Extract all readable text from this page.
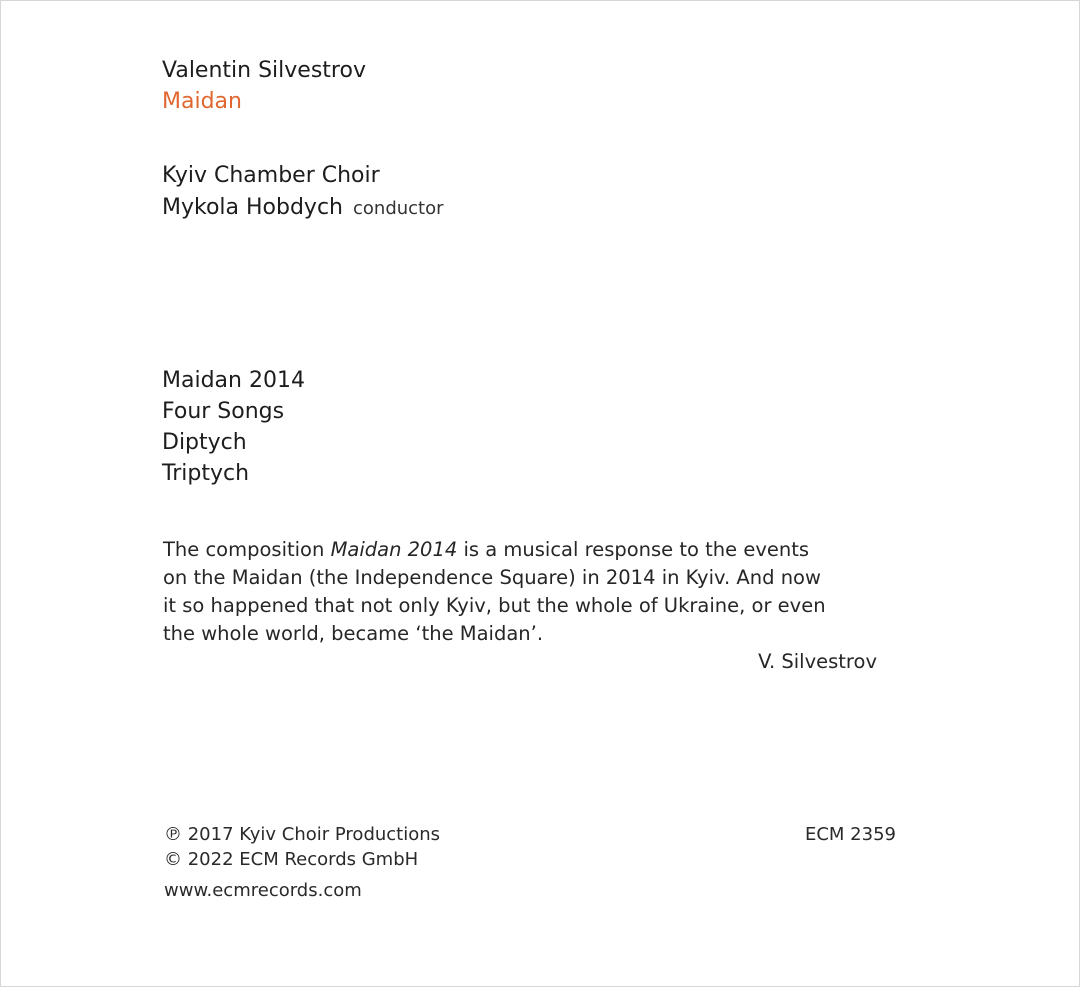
Valentin Silvestrov
Maidan
Kyiv Chamber Choir
Mykola Hobdych conductor
Maidan 2014
Four Songs
Diptych
Triptych

The composition Maidan 2014 is a musical response to the events
on the Maidan (the Independence Square) in 2014 in Kyiv. And now
it so happened that not only Kyiv, but the whole of Ukraine, or even
the whole world, became ‘the Maidan’.

V. Silvestrov
℗ 2017 Kyiv Choir Productions
© 2022 ECM Records GmbH
www.ecmrecords.com
ECM 2359
